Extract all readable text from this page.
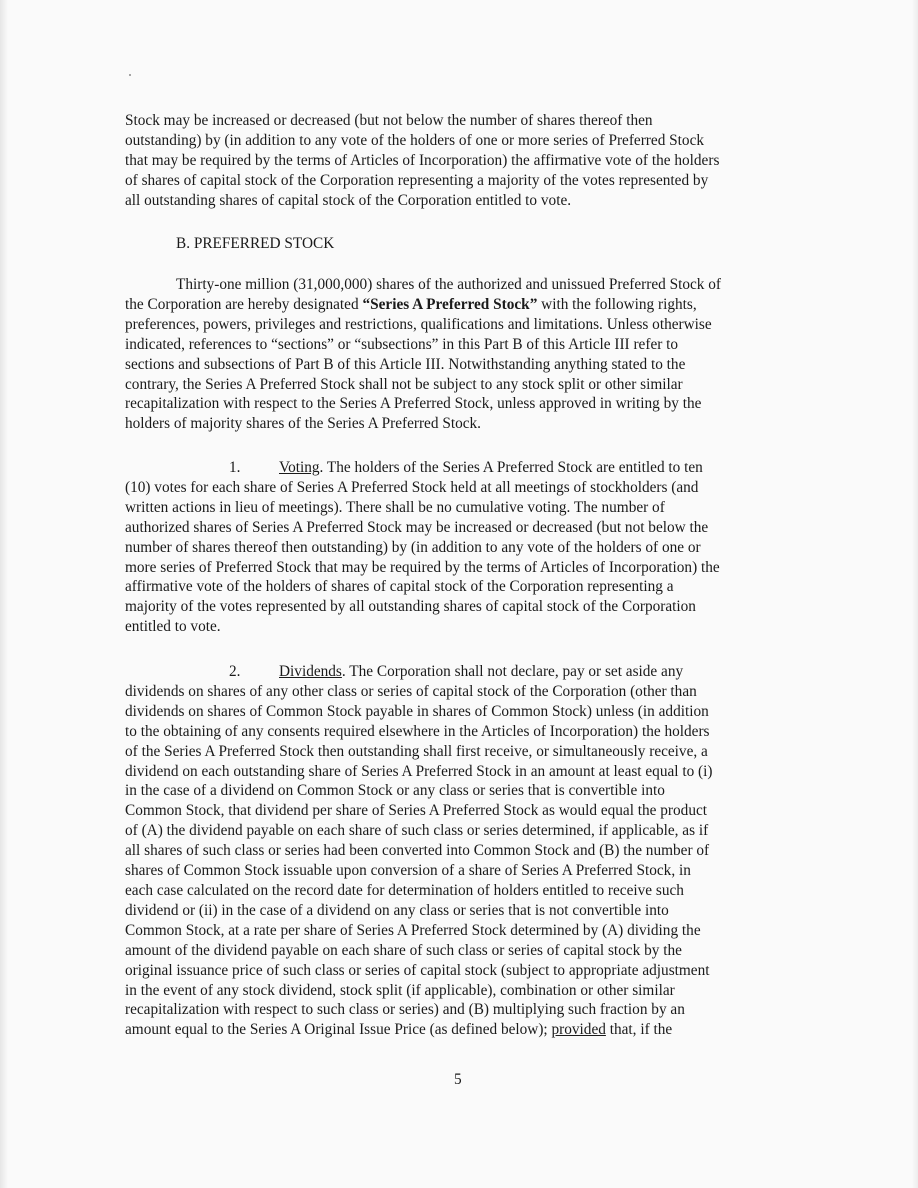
Stock may be increased or decreased (but not below the number of shares thereof then
outstanding) by (in addition to any vote of the holders of one or more series of Preferred Stock
that may be required by the terms of Articles of Incorporation) the affirmative vote of the holders
of shares of capital stock of the Corporation representing a majority of the votes represented by
all outstanding shares of capital stock of the Corporation entitled to vote.

B. PREFERRED STOCK

Thirty-one million (31,000,000) shares of the authorized and unissued Preferred Stock of
the Corporation are hereby designated “Series A Preferred Stock” with the following rights,
preferences, powers, privileges and restrictions, qualifications and limitations. Unless otherwise
indicated, references to “sections” or “subsections” in this Part B of this Article III refer to
sections and subsections of Part B of this Article III. Notwithstanding anything stated to the
contrary, the Series A Preferred Stock shall not be subject to any stock split or other similar
recapitalization with respect to the Series A Preferred Stock, unless approved in writing by the
holders of majority shares of the Series A Preferred Stock.

1.	Voting. The holders of the Series A Preferred Stock are entitled to ten
(10) votes for each share of Series A Preferred Stock held at all meetings of stockholders (and
written actions in lieu of meetings). There shall be no cumulative voting. The number of
authorized shares of Series A Preferred Stock may be increased or decreased (but not below the
number of shares thereof then outstanding) by (in addition to any vote of the holders of one or
more series of Preferred Stock that may be required by the terms of Articles of Incorporation) the
affirmative vote of the holders of shares of capital stock of the Corporation representing a
majority of the votes represented by all outstanding shares of capital stock of the Corporation
entitled to vote.

2.	Dividends. The Corporation shall not declare, pay or set aside any
dividends on shares of any other class or series of capital stock of the Corporation (other than
dividends on shares of Common Stock payable in shares of Common Stock) unless (in addition
to the obtaining of any consents required elsewhere in the Articles of Incorporation) the holders
of the Series A Preferred Stock then outstanding shall first receive, or simultaneously receive, a
dividend on each outstanding share of Series A Preferred Stock in an amount at least equal to (i)
in the case of a dividend on Common Stock or any class or series that is convertible into
Common Stock, that dividend per share of Series A Preferred Stock as would equal the product
of (A) the dividend payable on each share of such class or series determined, if applicable, as if
all shares of such class or series had been converted into Common Stock and (B) the number of
shares of Common Stock issuable upon conversion of a share of Series A Preferred Stock, in
each case calculated on the record date for determination of holders entitled to receive such
dividend or (ii) in the case of a dividend on any class or series that is not convertible into
Common Stock, at a rate per share of Series A Preferred Stock determined by (A) dividing the
amount of the dividend payable on each share of such class or series of capital stock by the
original issuance price of such class or series of capital stock (subject to appropriate adjustment
in the event of any stock dividend, stock split (if applicable), combination or other similar
recapitalization with respect to such class or series) and (B) multiplying such fraction by an
amount equal to the Series A Original Issue Price (as defined below); provided that, if the

5
